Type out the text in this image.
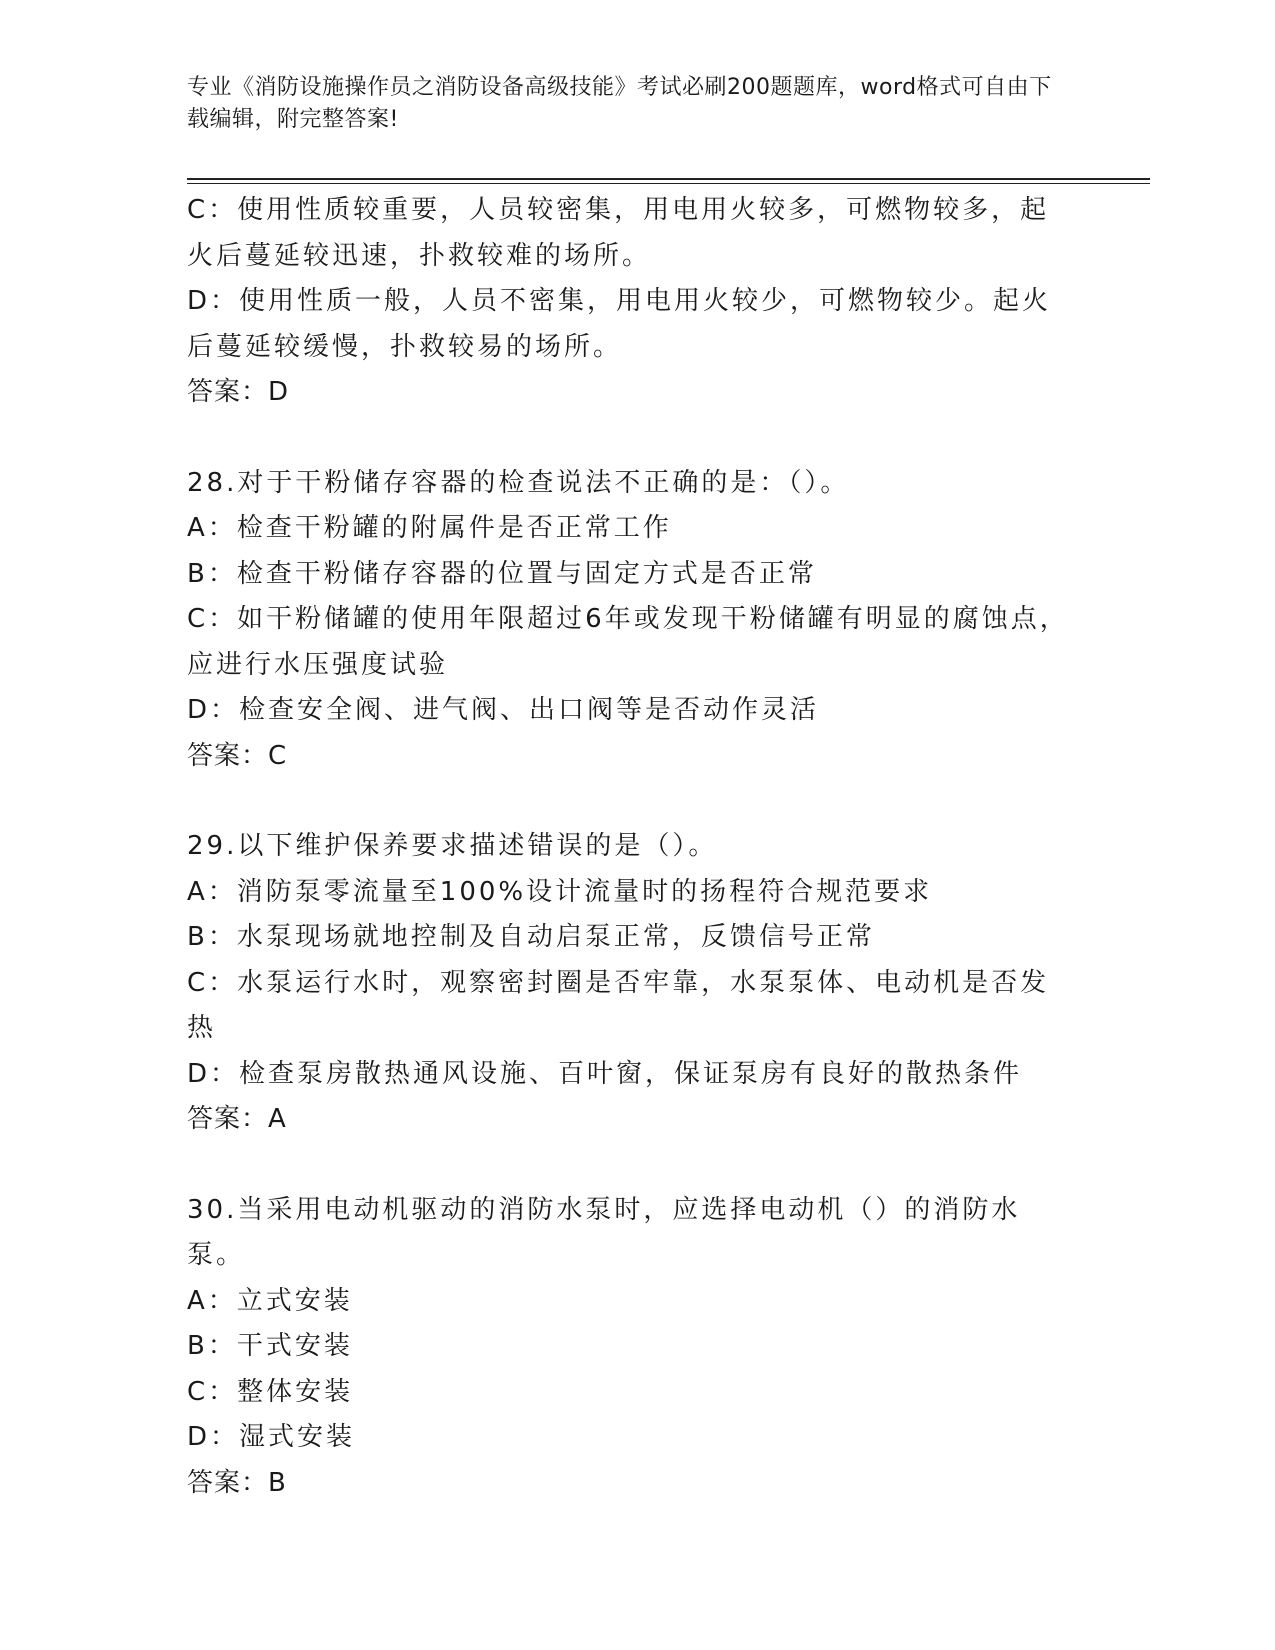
专业《消防设施操作员之消防设备高级技能》考试必刷200题题库，word格式可自由下载编辑，附完整答案!

C：使用性质较重要，人员较密集，用电用火较多，可燃物较多，起火后蔓延较迅速，扑救较难的场所。

D：使用性质一般，人员不密集，用电用火较少，可燃物较少。起火后蔓延较缓慢，扑救较易的场所。

答案：D

28.对于干粉储存容器的检查说法不正确的是：（）。

A：检查干粉罐的附属件是否正常工作

B：检查干粉储存容器的位置与固定方式是否正常

C：如干粉储罐的使用年限超过6年或发现干粉储罐有明显的腐蚀点，应进行水压强度试验

D：检查安全阀、进气阀、出口阀等是否动作灵活

答案：C

29.以下维护保养要求描述错误的是（）。

A：消防泵零流量至100%设计流量时的扬程符合规范要求

B：水泵现场就地控制及自动启泵正常，反馈信号正常

C：水泵运行水时，观察密封圈是否牢靠，水泵泵体、电动机是否发热

D：检查泵房散热通风设施、百叶窗，保证泵房有良好的散热条件

答案：A

30.当采用电动机驱动的消防水泵时，应选择电动机（）的消防水泵。

A：立式安装

B：干式安装

C：整体安装

D：湿式安装

答案：B
